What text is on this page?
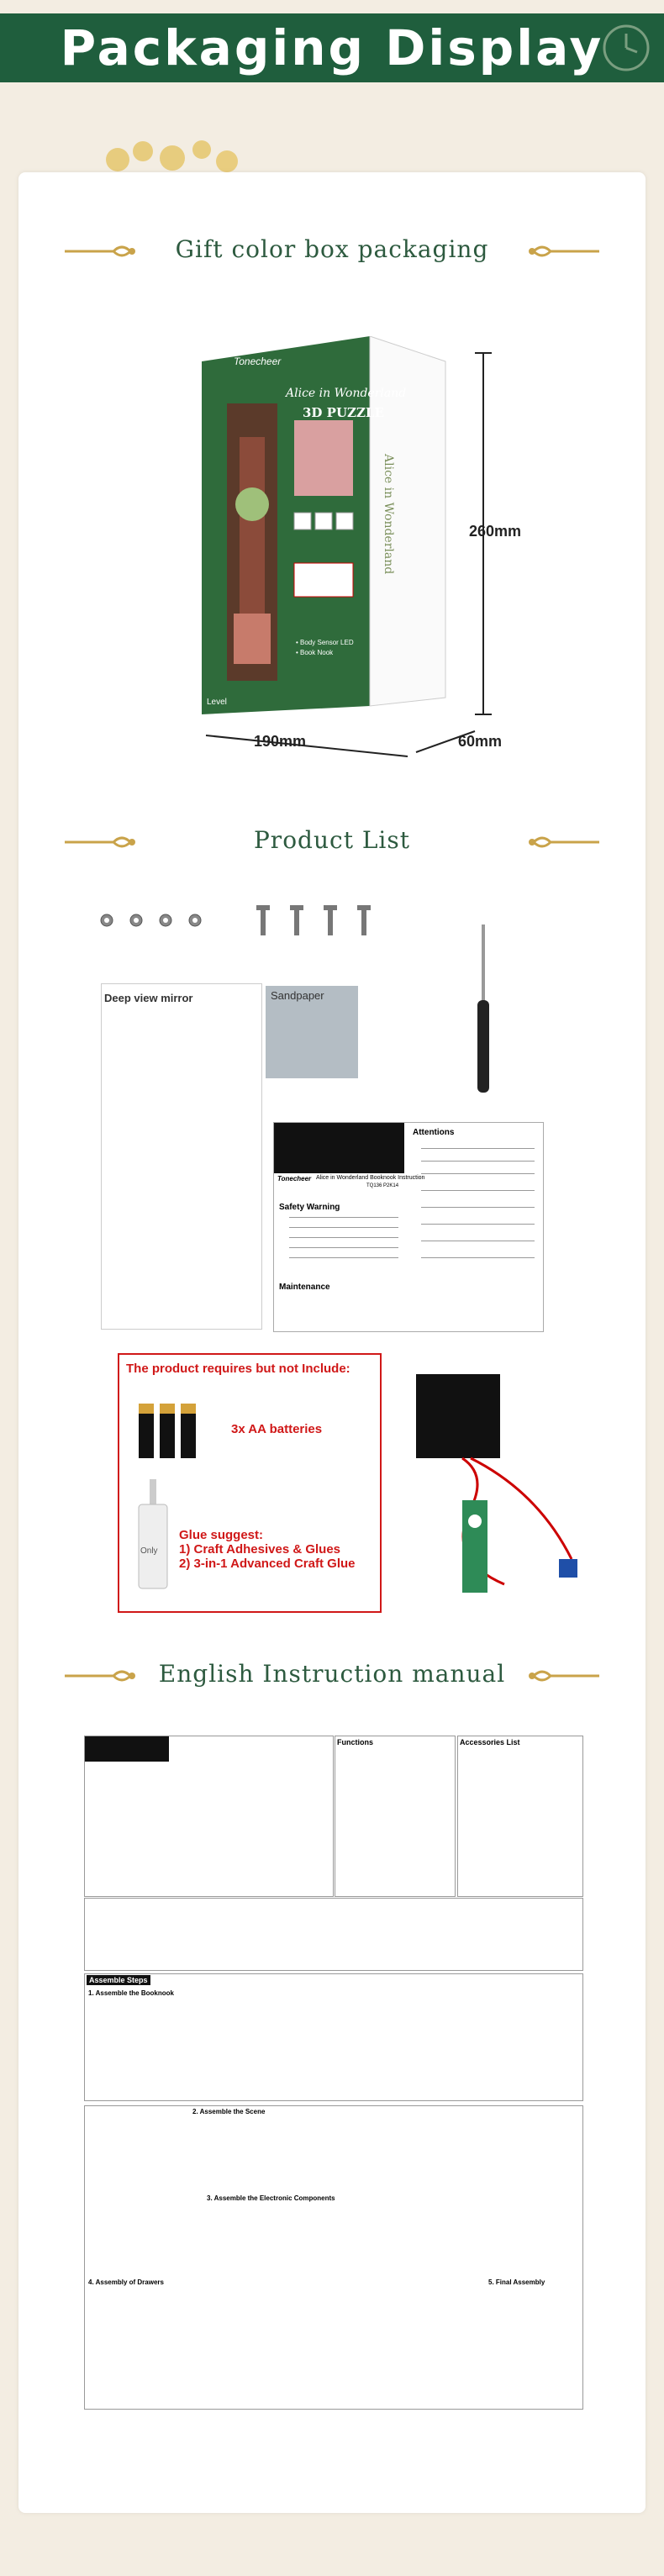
Packaging Display
Gift color box packaging
Tonecheer
Alice in Wonderland
3D PUZZLE
Level
• Body Sensor LED
• Book Nook
Alice in Wonderland	260mm
190mm	60mm
Product List
Deep view mirror	Sandpaper
Tonecheer Alice in Wonderland Booknook Instruction
TQ136 P2K14
Safety Warning
Maintenance
Attentions
The product requires but not Include:
3x AA batteries
Only
Glue suggest:
1) Craft Adhesives & Glues
2) 3-in-1 Advanced Craft Glue
English Instruction manual
Functions	Accessories List
Assemble Steps
1. Assemble the Booknook
2. Assemble the Scene
3. Assemble the Electronic Components
4. Assembly of Drawers	5. Final Assembly
